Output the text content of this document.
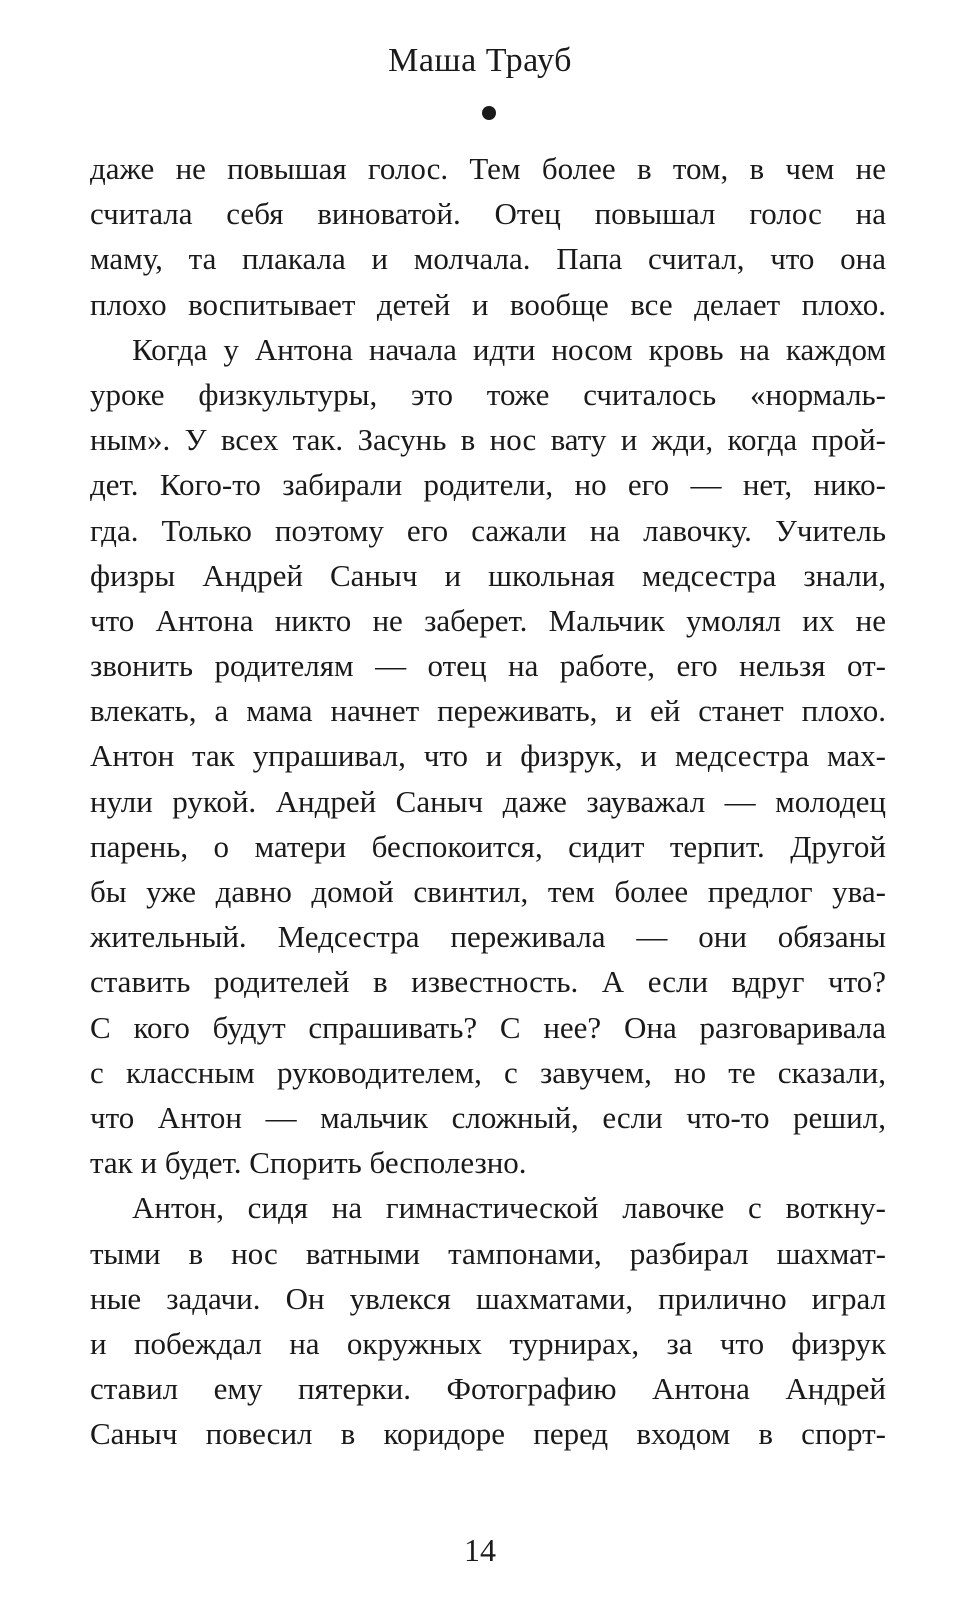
Маша Трауб
даже не повышая голос. Тем более в том, в чем не
считала себя виноватой. Отец повышал голос на
маму, та плакала и молчала. Папа считал, что она
плохо воспитывает детей и вообще все делает плохо.
Когда у Антона начала идти носом кровь на каждом
уроке физкультуры, это тоже считалось «нормаль-
ным». У всех так. Засунь в нос вату и жди, когда прой-
дет. Кого-то забирали родители, но его — нет, нико-
гда. Только поэтому его сажали на лавочку. Учитель
физры Андрей Саныч и школьная медсестра знали,
что Антона никто не заберет. Мальчик умолял их не
звонить родителям — отец на работе, его нельзя от-
влекать, а мама начнет переживать, и ей станет плохо.
Антон так упрашивал, что и физрук, и медсестра мах-
нули рукой. Андрей Саныч даже зауважал — молодец
парень, о матери беспокоится, сидит терпит. Другой
бы уже давно домой свинтил, тем более предлог ува-
жительный. Медсестра переживала — они обязаны
ставить родителей в известность. А если вдруг что?
С кого будут спрашивать? С нее? Она разговаривала
с классным руководителем, с завучем, но те сказали,
что Антон — мальчик сложный, если что-то решил,
так и будет. Спорить бесполезно.
Антон, сидя на гимнастической лавочке с воткну-
тыми в нос ватными тампонами, разбирал шахмат-
ные задачи. Он увлекся шахматами, прилично играл
и побеждал на окружных турнирах, за что физрук
ставил ему пятерки. Фотографию Антона Андрей
Саныч повесил в коридоре перед входом в спорт-
14
